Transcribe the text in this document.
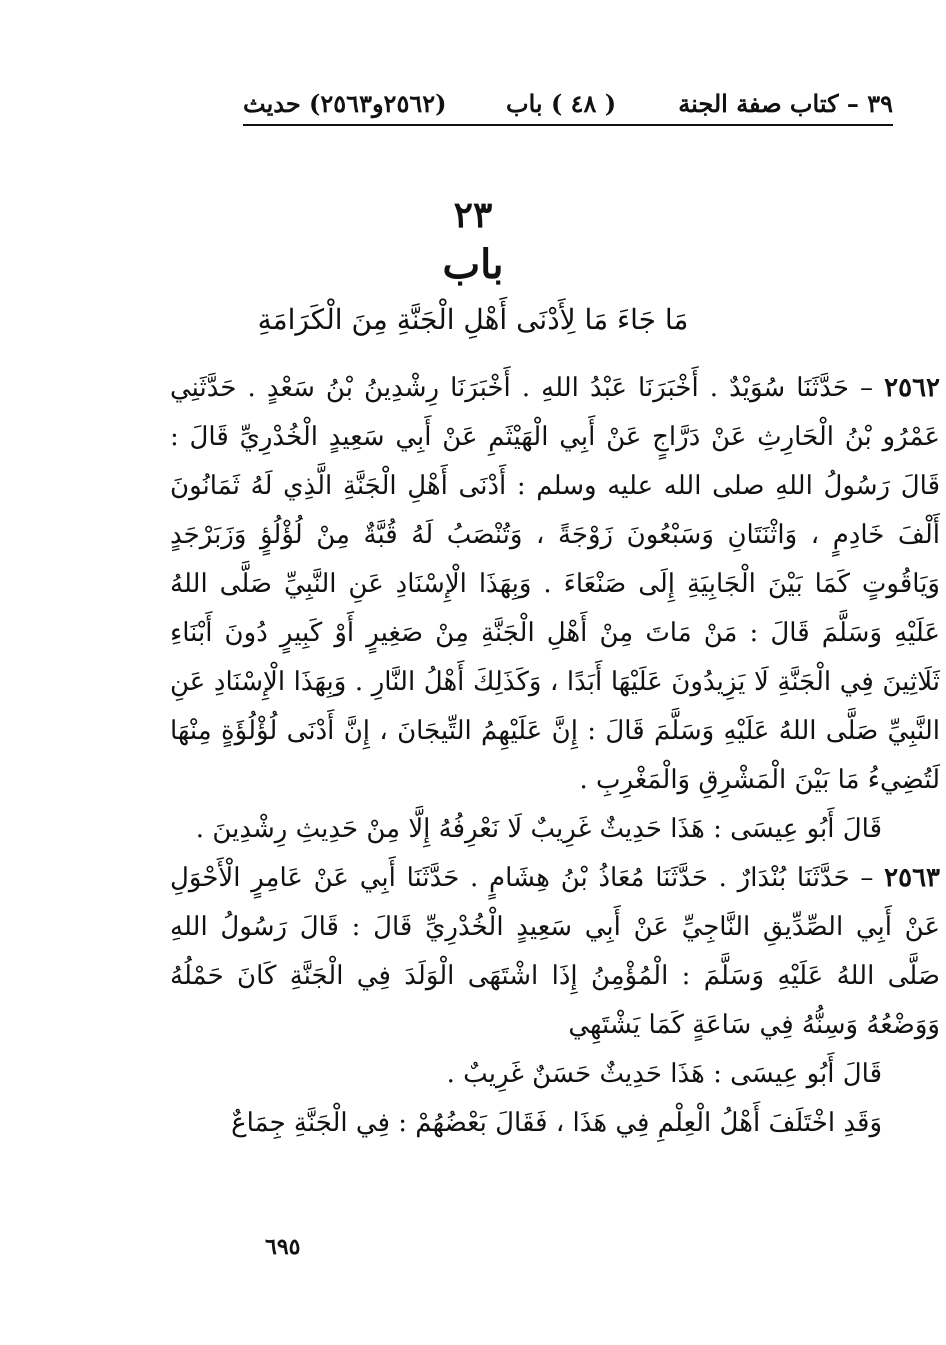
٣٩ – كتاب صفة الجنة
( ٤٨ ) باب
(٢٥٦٢و٢٥٦٣) حديث
٢٣
باب
مَا جَاءَ مَا لِأَدْنَى أَهْلِ الْجَنَّةِ مِنَ الْكَرَامَةِ

٢٥٦٢ – حَدَّثَنَا سُوَيْدٌ . أَخْبَرَنَا عَبْدُ اللهِ . أَخْبَرَنَا رِشْدِينُ بْنُ سَعْدٍ . حَدَّثَنِي عَمْرُو بْنُ الْحَارِثِ عَنْ دَرَّاجٍ عَنْ أَبِي الْهَيْثَمِ عَنْ أَبِي سَعِيدٍ الْخُدْرِيِّ قَالَ : قَالَ رَسُولُ اللهِ صلى الله عليه وسلم : أَدْنَى أَهْلِ الْجَنَّةِ الَّذِي لَهُ ثَمَانُونَ أَلْفَ خَادِمٍ ، وَاثْنَتَانِ وَسَبْعُونَ زَوْجَةً ، وَتُنْصَبُ لَهُ قُبَّةٌ مِنْ لُؤْلُؤٍ وَزَبَرْجَدٍ وَيَاقُوتٍ كَمَا بَيْنَ الْجَابِيَةِ إِلَى صَنْعَاءَ . وَبِهَذَا الْإِسْنَادِ عَنِ النَّبِيِّ صَلَّى اللهُ عَلَيْهِ وَسَلَّمَ قَالَ : مَنْ مَاتَ مِنْ أَهْلِ الْجَنَّةِ مِنْ صَغِيرٍ أَوْ كَبِيرٍ دُونَ أَبْنَاءِ ثَلَاثِينَ فِي الْجَنَّةِ لَا يَزِيدُونَ عَلَيْهَا أَبَدًا ، وَكَذَلِكَ أَهْلُ النَّارِ . وَبِهَذَا الْإِسْنَادِ عَنِ النَّبِيِّ صَلَّى اللهُ عَلَيْهِ وَسَلَّمَ قَالَ : إِنَّ عَلَيْهِمُ التِّيجَانَ ، إِنَّ أَدْنَى لُؤْلُؤَةٍ مِنْهَا لَتُضِيءُ مَا بَيْنَ الْمَشْرِقِ وَالْمَغْرِبِ .

قَالَ أَبُو عِيسَى : هَذَا حَدِيثٌ غَرِيبٌ لَا نَعْرِفُهُ إِلَّا مِنْ حَدِيثِ رِشْدِينَ .

٢٥٦٣ – حَدَّثَنَا بُنْدَارٌ . حَدَّثَنَا مُعَاذُ بْنُ هِشَامٍ . حَدَّثَنَا أَبِي عَنْ عَامِرٍ الْأَحْوَلِ عَنْ أَبِي الصِّدِّيقِ النَّاجِيِّ عَنْ أَبِي سَعِيدٍ الْخُدْرِيِّ قَالَ : قَالَ رَسُولُ اللهِ صَلَّى اللهُ عَلَيْهِ وَسَلَّمَ : الْمُؤْمِنُ إِذَا اشْتَهَى الْوَلَدَ فِي الْجَنَّةِ كَانَ حَمْلُهُ وَوَضْعُهُ وَسِنُّهُ فِي سَاعَةٍ كَمَا يَشْتَهِي

قَالَ أَبُو عِيسَى : هَذَا حَدِيثٌ حَسَنٌ غَرِيبٌ .

وَقَدِ اخْتَلَفَ أَهْلُ الْعِلْمِ فِي هَذَا ، فَقَالَ بَعْضُهُمْ : فِي الْجَنَّةِ جِمَاعٌ

٦٩٥
